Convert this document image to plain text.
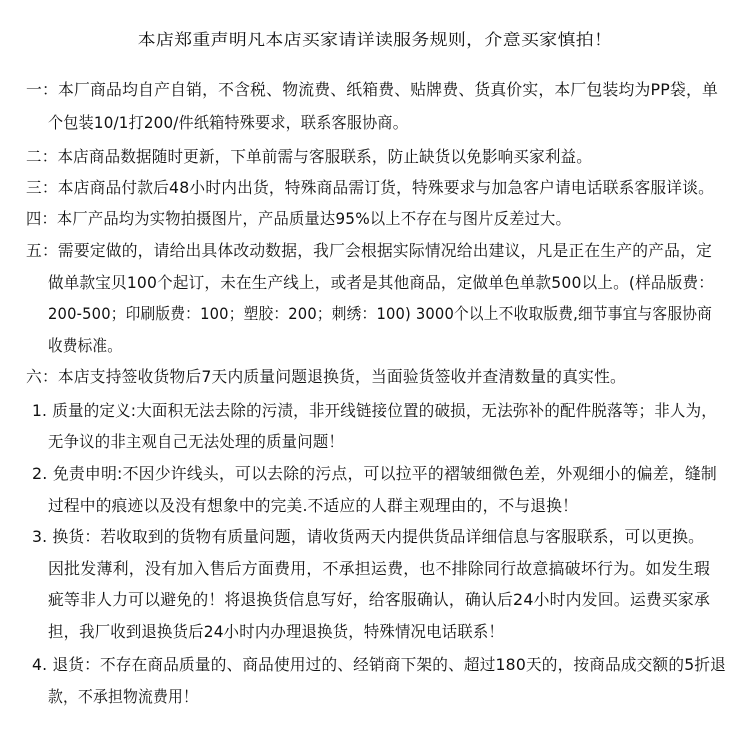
本店郑重声明凡本店买家请详读服务规则，介意买家慎拍！
一：本厂商品均自产自销，不含税、物流费、纸箱费、贴牌费、货真价实，本厂包装均为PP袋，单
个包装10/1打200/件纸箱特殊要求，联系客服协商。
二：本店商品数据随时更新，下单前需与客服联系，防止缺货以免影响买家利益。
三：本店商品付款后48小时内出货，特殊商品需订货，特殊要求与加急客户请电话联系客服详谈。
四：本厂产品均为实物拍摄图片，产品质量达95%以上不存在与图片反差过大。
五：需要定做的，请给出具体改动数据，我厂会根据实际情况给出建议，凡是正在生产的产品，定
做单款宝贝100个起订，未在生产线上，或者是其他商品，定做单色单款500以上。(样品版费：
200-500；印刷版费：100；塑胶：200；刺绣：100) 3000个以上不收取版费,细节事宜与客服协商
收费标准。
六：本店支持签收货物后7天内质量问题退换货，当面验货签收并查清数量的真实性。
1. 质量的定义:大面积无法去除的污渍，非开线链接位置的破损，无法弥补的配件脱落等；非人为，
无争议的非主观自己无法处理的质量问题！
2. 免责申明:不因少许线头，可以去除的污点，可以拉平的褶皱细微色差，外观细小的偏差，缝制
过程中的痕迹以及没有想象中的完美.不适应的人群主观理由的，不与退换！
3. 换货：若收取到的货物有质量问题，请收货两天内提供货品详细信息与客服联系，可以更换。
因批发薄利，没有加入售后方面费用，不承担运费，也不排除同行故意搞破坏行为。如发生瑕
疵等非人力可以避免的！将退换货信息写好，给客服确认，确认后24小时内发回。运费买家承
担，我厂收到退换货后24小时内办理退换货，特殊情况电话联系！
4. 退货：不存在商品质量的、商品使用过的、经销商下架的、超过180天的，按商品成交额的5折退
款，不承担物流费用！
